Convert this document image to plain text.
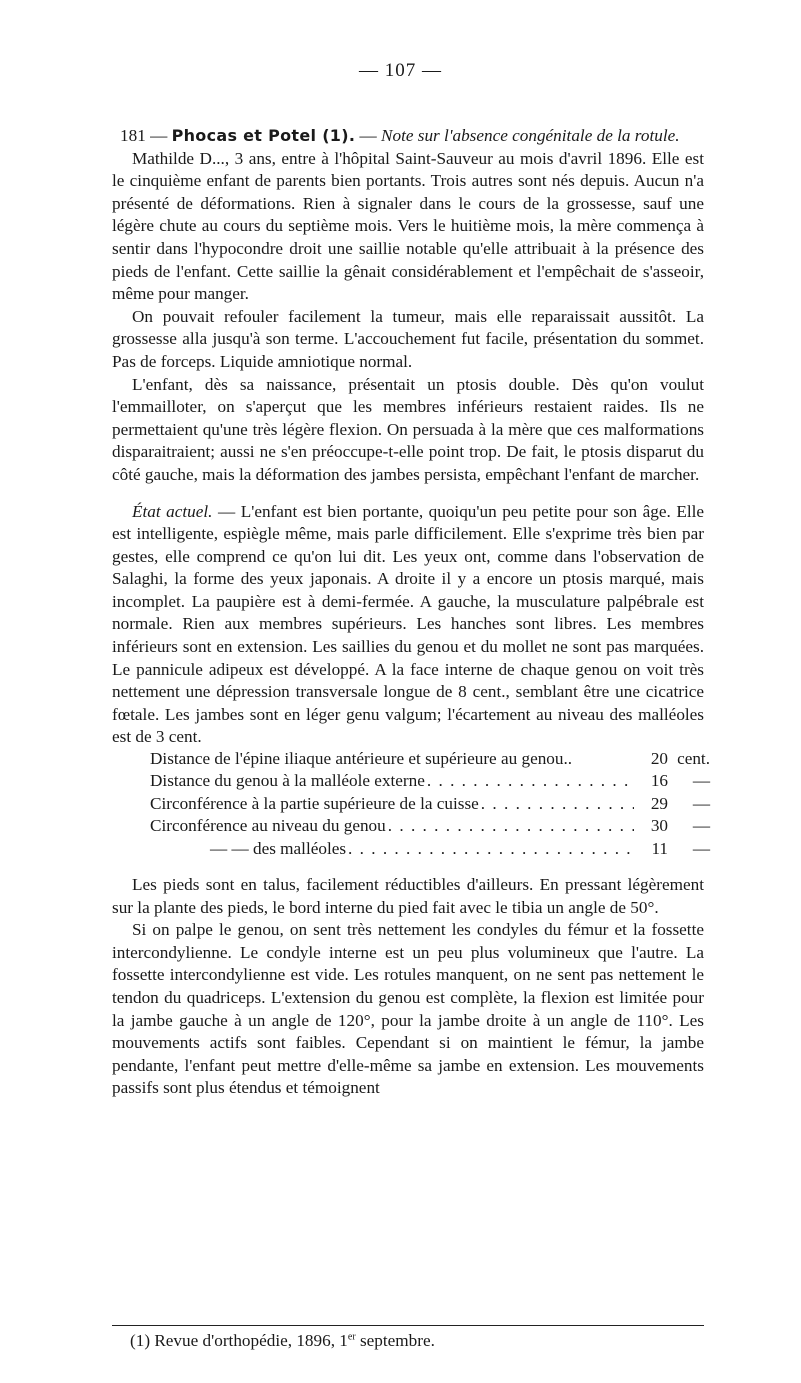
— 107 —

181 — Phocas et Potel (1). — Note sur l'absence congénitale de la rotule.

Mathilde D..., 3 ans, entre à l'hôpital Saint-Sauveur au mois d'avril 1896. Elle est le cinquième enfant de parents bien portants. Trois autres sont nés depuis. Aucun n'a présenté de déformations. Rien à signaler dans le cours de la grossesse, sauf une légère chute au cours du septième mois. Vers le huitième mois, la mère commença à sentir dans l'hypocondre droit une saillie notable qu'elle attribuait à la présence des pieds de l'enfant. Cette saillie la gênait considérablement et l'empêchait de s'asseoir, même pour manger.

On pouvait refouler facilement la tumeur, mais elle reparaissait aussitôt. La grossesse alla jusqu'à son terme. L'accouchement fut facile, présentation du sommet. Pas de forceps. Liquide amniotique normal.

L'enfant, dès sa naissance, présentait un ptosis double. Dès qu'on voulut l'emmailloter, on s'aperçut que les membres inférieurs restaient raides. Ils ne permettaient qu'une très légère flexion. On persuada à la mère que ces malformations disparaitraient; aussi ne s'en préoccupe-t-elle point trop. De fait, le ptosis disparut du côté gauche, mais la déformation des jambes persista, empêchant l'enfant de marcher.

État actuel. — L'enfant est bien portante, quoiqu'un peu petite pour son âge. Elle est intelligente, espiègle même, mais parle difficilement. Elle s'exprime très bien par gestes, elle comprend ce qu'on lui dit. Les yeux ont, comme dans l'observation de Salaghi, la forme des yeux japonais. A droite il y a encore un ptosis marqué, mais incomplet. La paupière est à demi-fermée. A gauche, la musculature palpébrale est normale. Rien aux membres supérieurs. Les hanches sont libres. Les membres inférieurs sont en extension. Les saillies du genou et du mollet ne sont pas marquées. Le pannicule adipeux est développé. A la face interne de chaque genou on voit très nettement une dépression transversale longue de 8 cent., semblant être une cicatrice fœtale. Les jambes sont en léger genu valgum; l'écartement au niveau des malléoles est de 3 cent.

Distance de l'épine iliaque antérieure et supérieure au genou..	20 cent.
Distance du genou à la malléole externe . . .	16	—
Circonférence à la partie supérieure de la cuisse . . .	29	—
Circonférence au niveau du genou . . .	30	—
— — des malléoles . . .	11	—

Les pieds sont en talus, facilement réductibles d'ailleurs. En pressant légèrement sur la plante des pieds, le bord interne du pied fait avec le tibia un angle de 50°.

Si on palpe le genou, on sent très nettement les condyles du fémur et la fossette intercondylienne. Le condyle interne est un peu plus volumineux que l'autre. La fossette intercondylienne est vide. Les rotules manquent, on ne sent pas nettement le tendon du quadriceps. L'extension du genou est complète, la flexion est limitée pour la jambe gauche à un angle de 120°, pour la jambe droite à un angle de 110°. Les mouvements actifs sont faibles. Cependant si on maintient le fémur, la jambe pendante, l'enfant peut mettre d'elle-même sa jambe en extension. Les mouvements passifs sont plus étendus et témoignent

(1) Revue d'orthopédie, 1896, 1er septembre.
